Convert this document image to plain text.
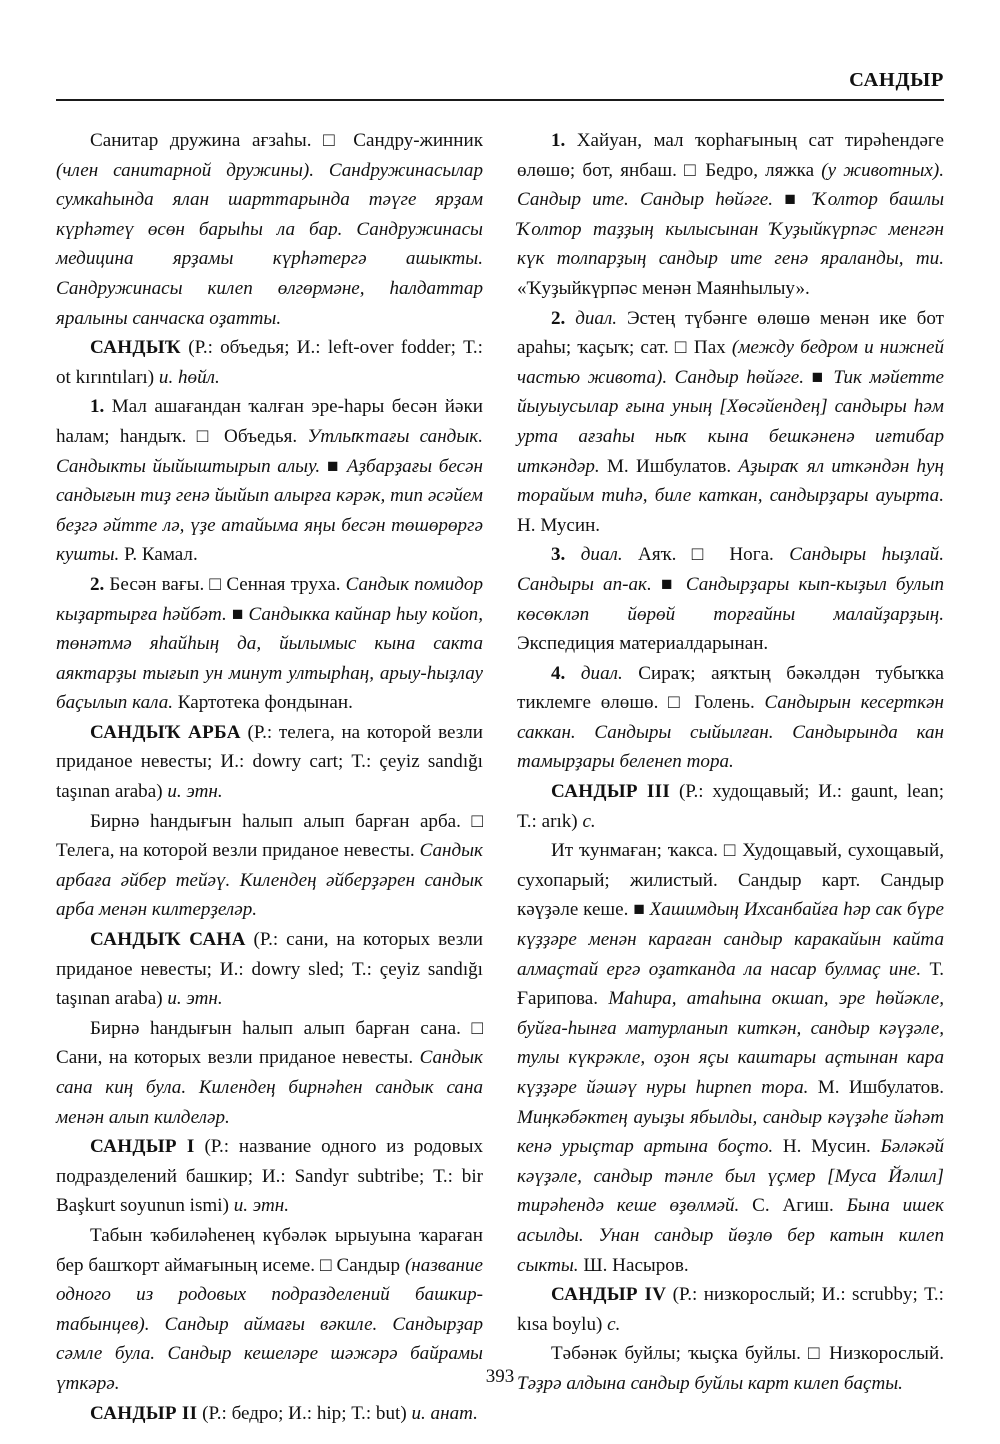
САНДЫР

Санитар дружина ағзаһы. □ Сандру-​жинник (член санитарной дружины). Санdружинасылар сумкаһында ялан шарттарында тәүге ярҙам күрһәтеү өсөн барыһы ла бар. Сандружинасы медицина ярҙамы күрһәтергә ашыкты. Сандружинасы килеп өлгөрмәне, һалдаттар яралыны санчаска оҙатты.

САНДЫҠ (Р.: объедья; И.: left-over fodder; Т.: ot kırıntıları) и. һөйл.

1. Мал ашағандан ҡалған эре-һары бесән йәки һалам; һандыҡ. □ Объедья. Утлыҡтағы сандык. Сандыкты йыйыштырып алыу. ■ Аҙбарҙағы бесән сандығын тиҙ генә йыйып алырға кәрәк, тип әсәйем беҙгә әйтте лә, үҙе атайыма яңы бесән төшөрөргә кушты. Р. Камал.

2. Бесән вағы. □ Сенная труха. Сандык помидор кыҙартырға һәйбәт. ■ Сандыкка кайнар һыу койоп, төнәтмә яһайһың да, йылымыс кына сакта аяктарҙы тығып ун минут ултырһаң, арыу-һыҙлау баҫылып кала. Картотека фондынан.

САНДЫҠ АРБА (Р.: телега, на которой везли приданое невесты; И.: dowry cart; Т.: çeyiz sandığı taşınan araba) и. этн.

Бирнә һандығын һалып алып барған арба. □ Телега, на которой везли приданое невесты. Сандык арбаға әйбер тейәү. Килендең әйберҙәрен сандык арба менән килтерҙеләр.

САНДЫҠ САНА (Р.: сани, на которых везли приданое невесты; И.: dowry sled; Т.: çeyiz sandığı taşınan araba) и. этн.

Бирнә һандығын һалып алып барған сана. □ Сани, на которых везли приданое невесты. Сандык сана киң була. Килендең бирнәһен сандык сана менән алып килделәр.

САНДЫР I (Р.: название одного из родовых подразделений башкир; И.: Sandyr subtribe; Т.: bir Başkurt soyunun ismi) и. этн.

Табын ҡәбиләһенең күбәләк ырыуына ҡараған бер башҡорт аймағының исеме. □ Сандыр (название одного из родовых подразделений башкир-табынцев). Сандыр аймағы вәкиле. Сандырҙар сәмле була. Сандыр кешеләре шәжәрә байрамы үткәрә.

САНДЫР II (Р.: бедро; И.: hip; Т.: but) и. анат.

1. Хайуан, мал ҡорһағының сат тирәһендәге өлөшө; бот, янбаш. □ Бедро, ляжка (у животных). Сандыр ите. Сандыр һөйәге. ■ Ҡолтор башлы Ҡолтор таҙҙың кылысынан Ҡуҙыйкүрпәс менгән күк толпарҙың сандыр ите генә яраланды, ти. «Ҡуҙыйкүрпәс менән Маянһылыу».

2. диал. Эстең түбәнге өлөшө менән ике бот араһы; ҡаҫыҡ; сат. □ Пах (между бедром и нижней частью живота). Сандыр һөйәге. ■ Тик мәйетте йыуыусылар ғына уның [Хөсәйендең] сандыры һәм урта ағзаһы ныҡ кына бешкәненә иғтибар иткәндәр. М. Ишбулатов. Аҙыраҡ ял иткәндән һуң торайым тиһә, биле каткан, сандырҙары ауырта. Н. Мусин.

3. диал. Аяҡ. □ Нога. Сандыры һыҙлай. Сандыры ап-ак. ■ Сандырҙары кып-кыҙыл булып көсөкләп йөрөй торғайны малайҙарҙың. Экспедиция материалдарынан.

4. диал. Сираҡ; аяҡтың бәкәлдән тубыҡка тиклемге өлөшө. □ Голень. Сандырын кесерткән саккан. Сандыры сыйылған. Сандырында кан тамырҙары беленеп тора.

САНДЫР III (Р.: худощавый; И.: gaunt, lean; Т.: arık) с.

Ит ҡунмаған; ҡакса. □ Худощавый, сухощавый, сухопарый; жилистый. Сандыр карт. Сандыр кәүҙәле кеше. ■ Хашимдың Ихсанбайға һәр сак бүре күҙҙәре менән караған сандыр каракайын кайта алмаçтай ергә оҙатканда ла насар булмаç ине. Т. Ғарипова. Маһира, атаһына окшап, эре һөйәкле, буйға-һынға матурланып киткән, сандыр кәүҙәле, тулы күкрәкле, оҙон яçы каштары аçтынан кара күҙҙәре йәшәү нуры һирпеп тора. М. Ишбулатов. Миңкәбәктең ауыҙы ябылды, сандыр кәүҙәһе йәһәт кенә урыçтар артына боçто. Н. Мусин. Бәләкәй кәүҙәле, сандыр тәнле был үçмер [Муса Йәлил] тирәһендә кеше өҙөлмәй. С. Агиш. Бына ишек асылды. Унан сандыр йөҙлө бер катын килеп сыкты. Ш. Насыров.

САНДЫР IV (Р.: низкорослый; И.: scrubby; Т.: kısa boylu) с.

Тәбәнәк буйлы; ҡыçка буйлы. □ Низкорослый. Тәҙрә алдына сандыр буйлы карт килеп баçты.

393
